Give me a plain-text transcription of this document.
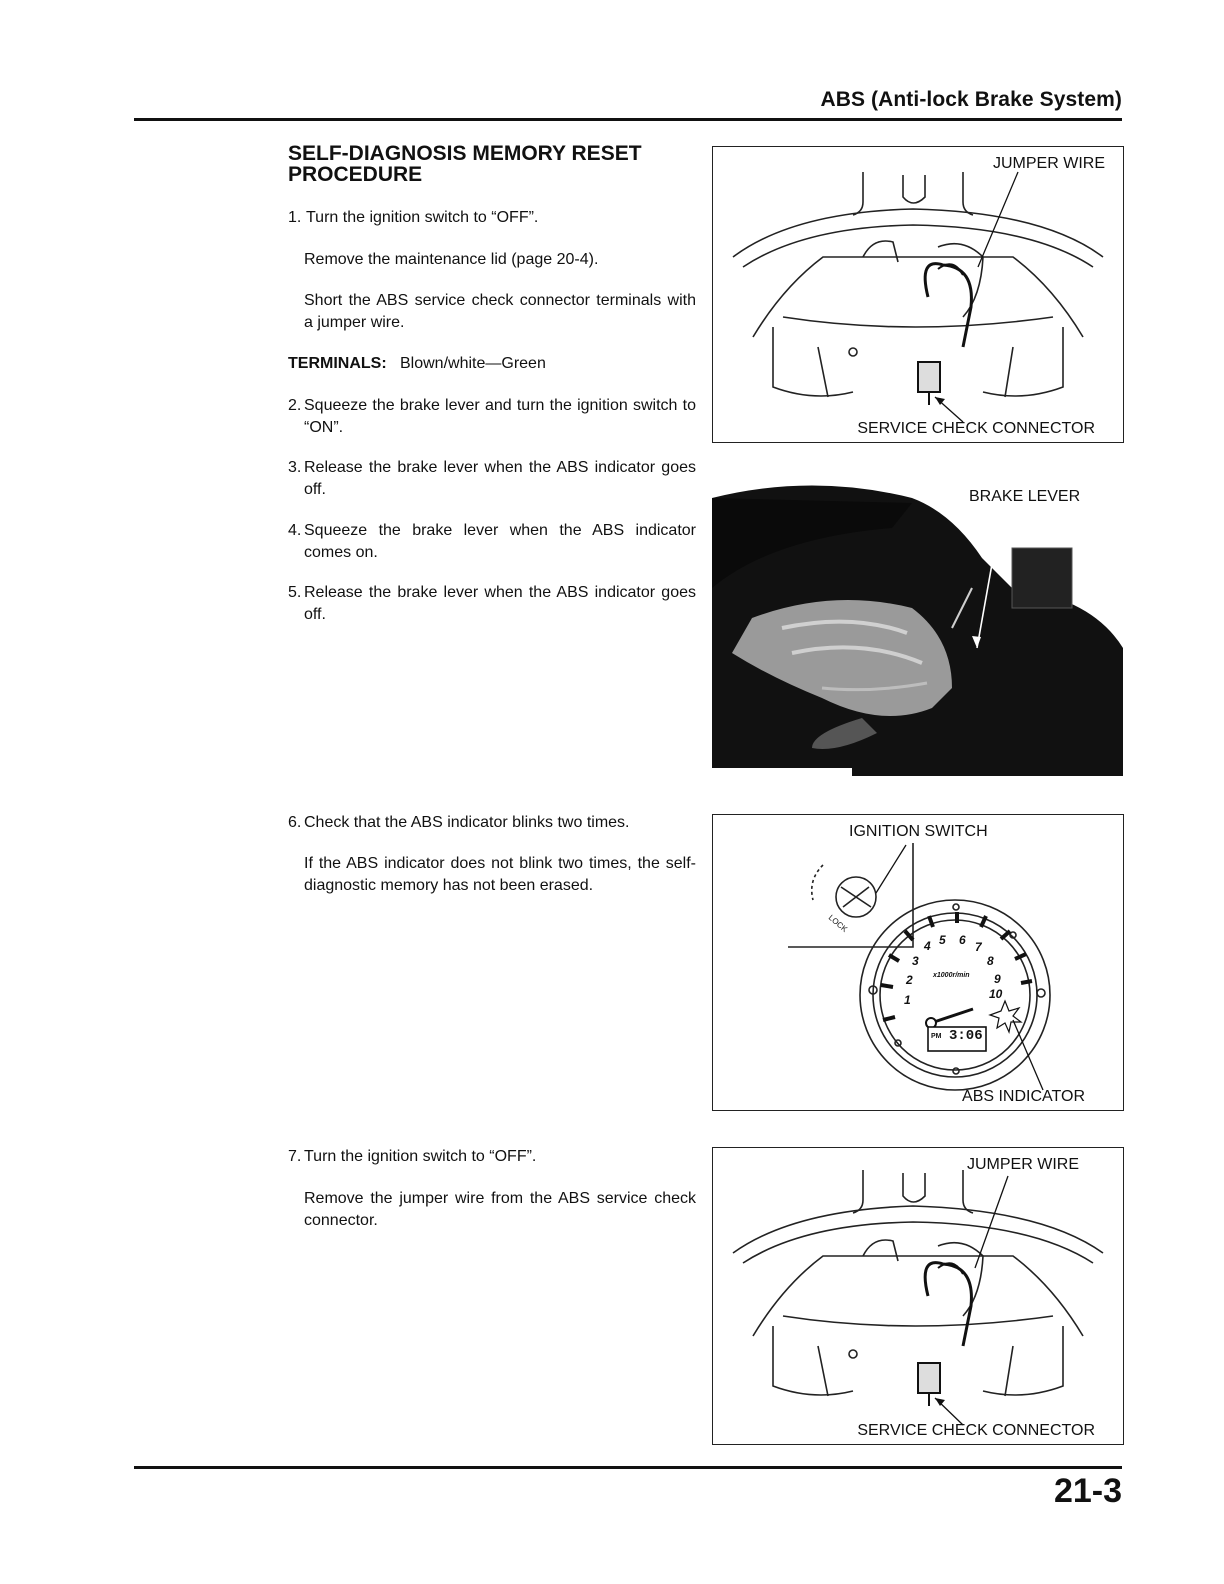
ABS (Anti-lock Brake System)
SELF-DIAGNOSIS MEMORY RESET PROCEDURE
1. Turn the ignition switch to “OFF”.
Remove the maintenance lid (page 20-4).
Short the ABS service check connector terminals with a jumper wire.
TERMINALS: Blown/white—Green
2. Squeeze the brake lever and turn the ignition switch to “ON”.
3. Release the brake lever when the ABS indicator goes off.
4. Squeeze the brake lever when the ABS indicator comes on.
5. Release the brake lever when the ABS indicator goes off.
6. Check that the ABS indicator blinks two times.
If the ABS indicator does not blink two times, the self-diagnostic memory has not been erased.
7. Turn the ignition switch to “OFF”.
Remove the jumper wire from the ABS service check connector.
JUMPER WIRE
SERVICE CHECK CONNECTOR
BRAKE LEVER
IGNITION SWITCH
LOCK
x1000r/min
PM 3:06
1
2
3
4 5 6 7
8
9
10
ABS INDICATOR
JUMPER WIRE
SERVICE CHECK CONNECTOR
21-3
